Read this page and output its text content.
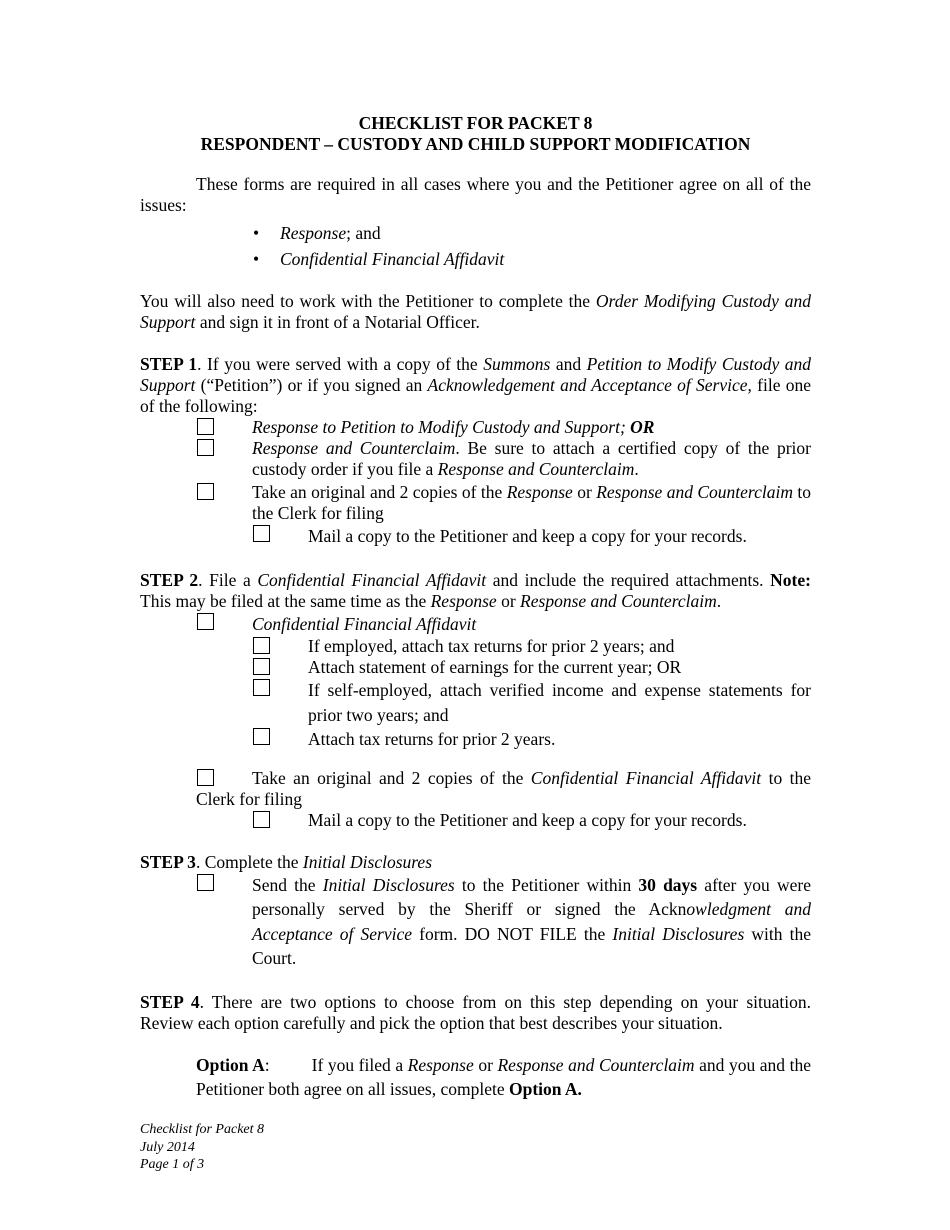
CHECKLIST FOR PACKET 8
RESPONDENT – CUSTODY AND CHILD SUPPORT MODIFICATION

These forms are required in all cases where you and the Petitioner agree on all of the issues:

• Response; and
• Confidential Financial Affidavit

You will also need to work with the Petitioner to complete the Order Modifying Custody and Support and sign it in front of a Notarial Officer.

STEP 1. If you were served with a copy of the Summons and Petition to Modify Custody and Support (“Petition”) or if you signed an Acknowledgement and Acceptance of Service, file one of the following:

Response to Petition to Modify Custody and Support; OR
Response and Counterclaim. Be sure to attach a certified copy of the prior custody order if you file a Response and Counterclaim.
Take an original and 2 copies of the Response or Response and Counterclaim to the Clerk for filing
Mail a copy to the Petitioner and keep a copy for your records.

STEP 2. File a Confidential Financial Affidavit and include the required attachments. Note: This may be filed at the same time as the Response or Response and Counterclaim.

Confidential Financial Affidavit
If employed, attach tax returns for prior 2 years; and
Attach statement of earnings for the current year; OR
If self-employed, attach verified income and expense statements for prior two years; and
Attach tax returns for prior 2 years.
Take an original and 2 copies of the Confidential Financial Affidavit to the Clerk for filing
Mail a copy to the Petitioner and keep a copy for your records.

STEP 3. Complete the Initial Disclosures

Send the Initial Disclosures to the Petitioner within 30 days after you were personally served by the Sheriff or signed the Acknowledgment and Acceptance of Service form. DO NOT FILE the Initial Disclosures with the Court.

STEP 4. There are two options to choose from on this step depending on your situation. Review each option carefully and pick the option that best describes your situation.

Option A: If you filed a Response or Response and Counterclaim and you and the Petitioner both agree on all issues, complete Option A.

Checklist for Packet 8
July 2014
Page 1 of 3
